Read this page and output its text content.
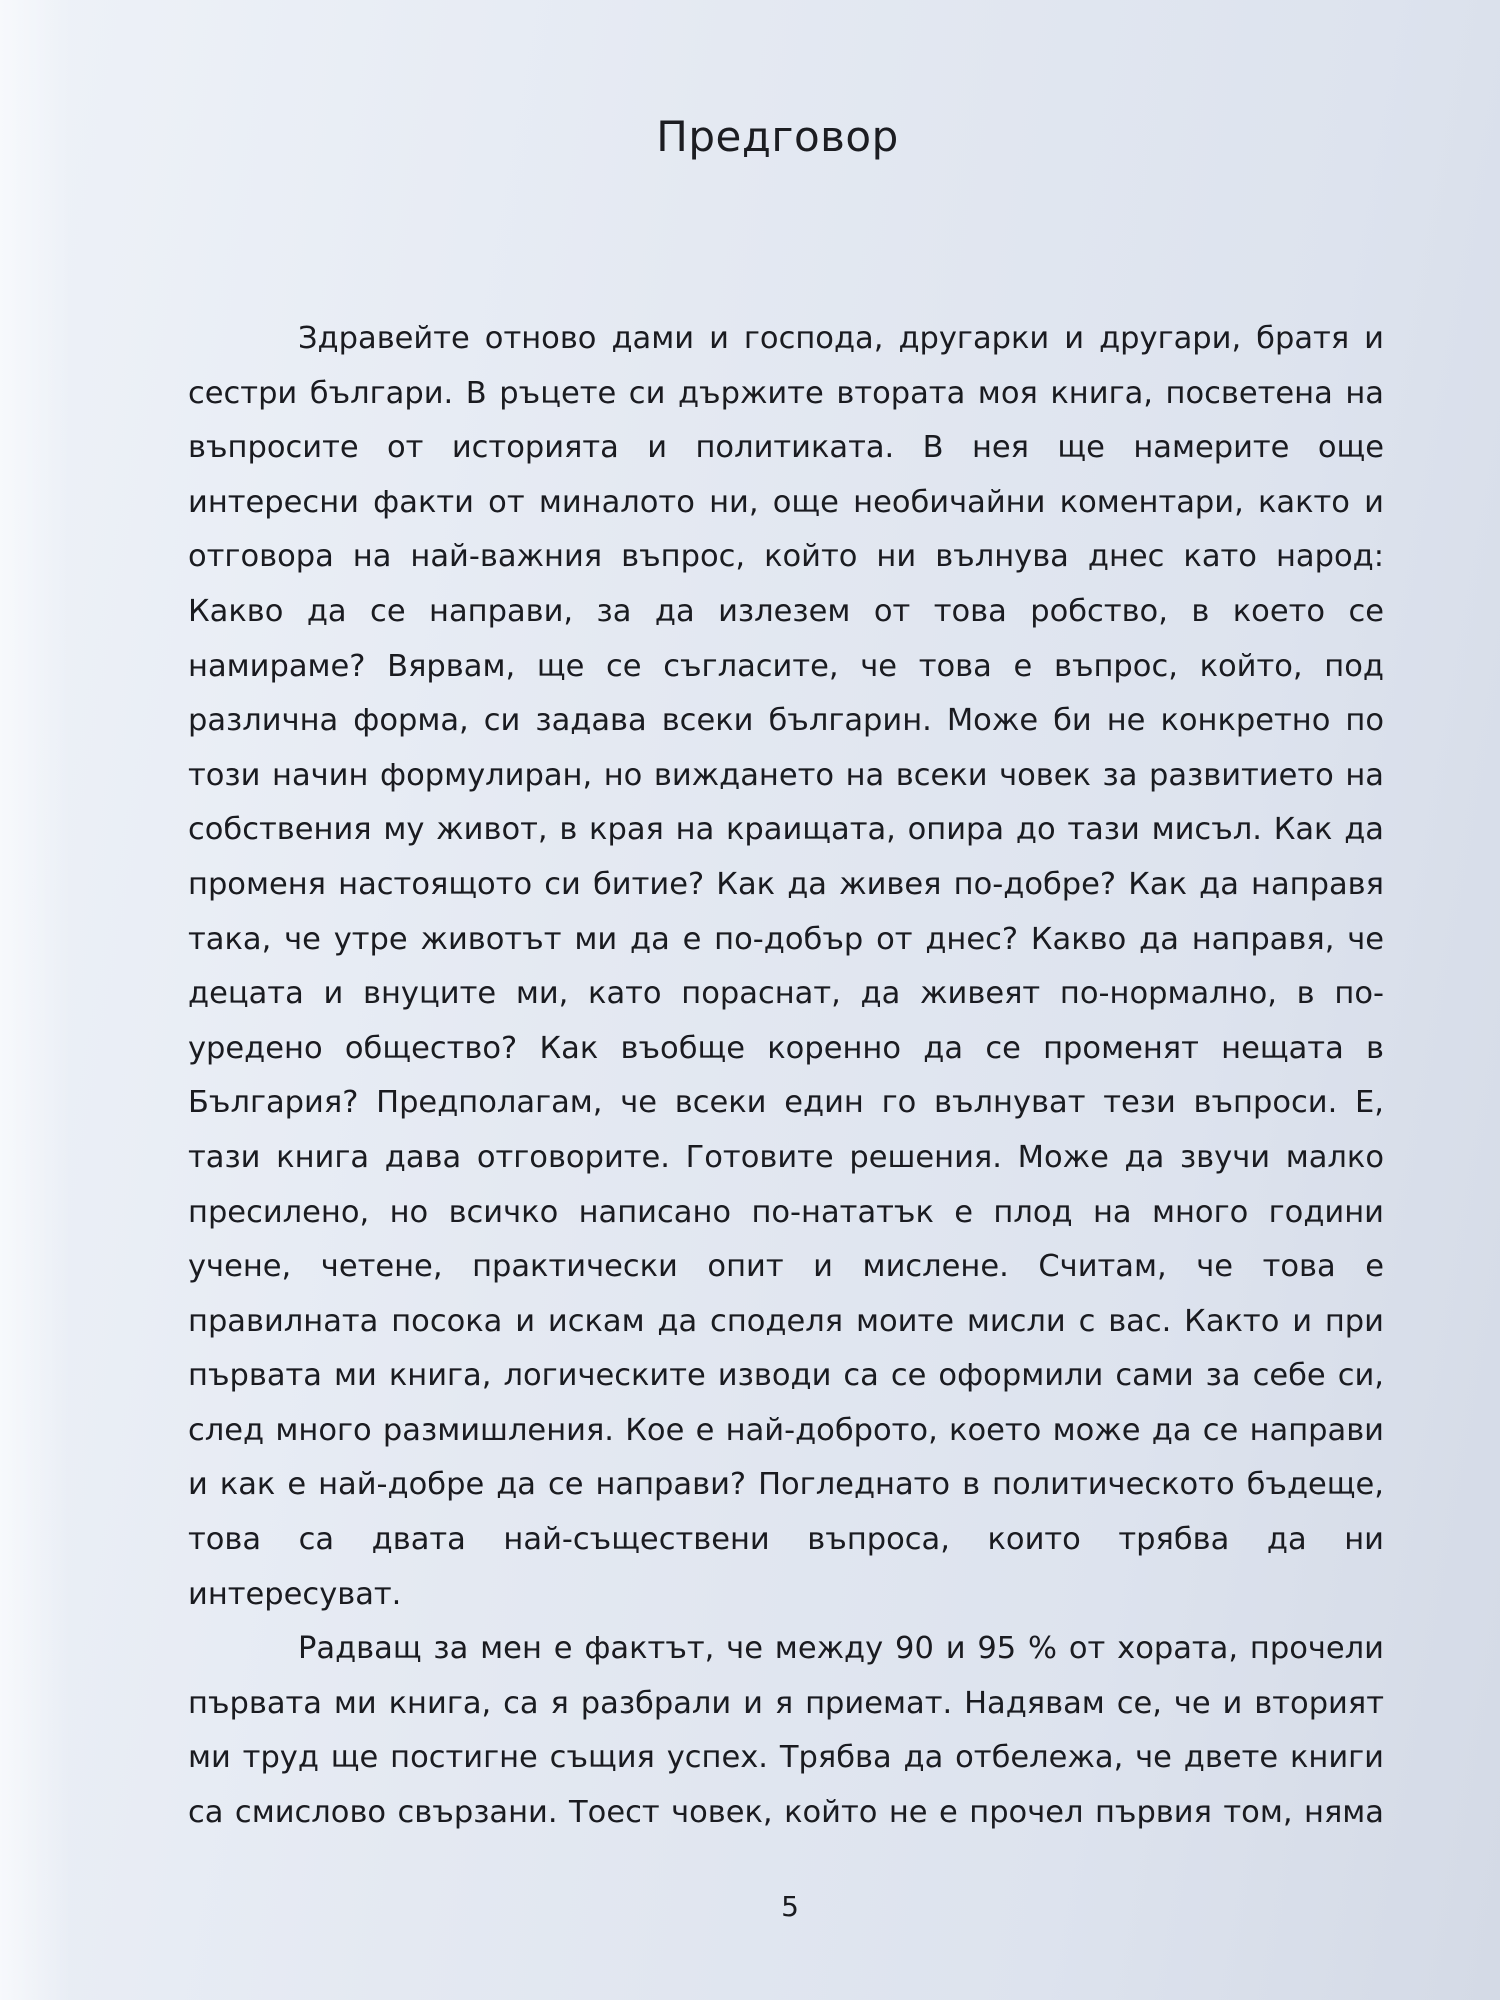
Предговор

Здравейте отново дами и господа, другарки и другари, братя и сестри българи. В ръцете си държите втората моя книга, посветена на въпросите от историята и политиката. В нея ще намерите още интересни факти от миналото ни, още необичайни коментари, както и отговора на най-важния въпрос, който ни вълнува днес като народ: Какво да се направи, за да излезем от това робство, в което се намираме? Вярвам, ще се съгласите, че това е въпрос, който, под различна форма, си задава всеки българин. Може би не конкретно по този начин формулиран, но виждането на всеки човек за развитието на собствения му живот, в края на краищата, опира до тази мисъл. Как да променя настоящото си битие? Как да живея по-добре? Как да направя така, че утре животът ми да е по-добър от днес? Какво да направя, че децата и внуците ми, като пораснат, да живеят по-нормално, в по-уредено общество? Как въобще коренно да се променят нещата в България? Предполагам, че всеки един го вълнуват тези въпроси. Е, тази книга дава отговорите. Готовите решения. Може да звучи малко пресилено, но всичко написано по-нататък е плод на много години учене, четене, практически опит и мислене. Считам, че това е правилната посока и искам да споделя моите мисли с вас. Както и при първата ми книга, логическите изводи са се оформили сами за себе си, след много размишления. Кое е най-доброто, което може да се направи и как е най-добре да се направи? Погледнато в политическото бъдеще, това са двата най-съществени въпроса, които трябва да ни интересуват.

Радващ за мен е фактът, че между 90 и 95 % от хората, прочели първата ми книга, са я разбрали и я приемат. Надявам се, че и вторият ми труд ще постигне същия успех. Трябва да отбележа, че двете книги са смислово свързани. Тоест човек, който не е прочел първия том, няма

5
